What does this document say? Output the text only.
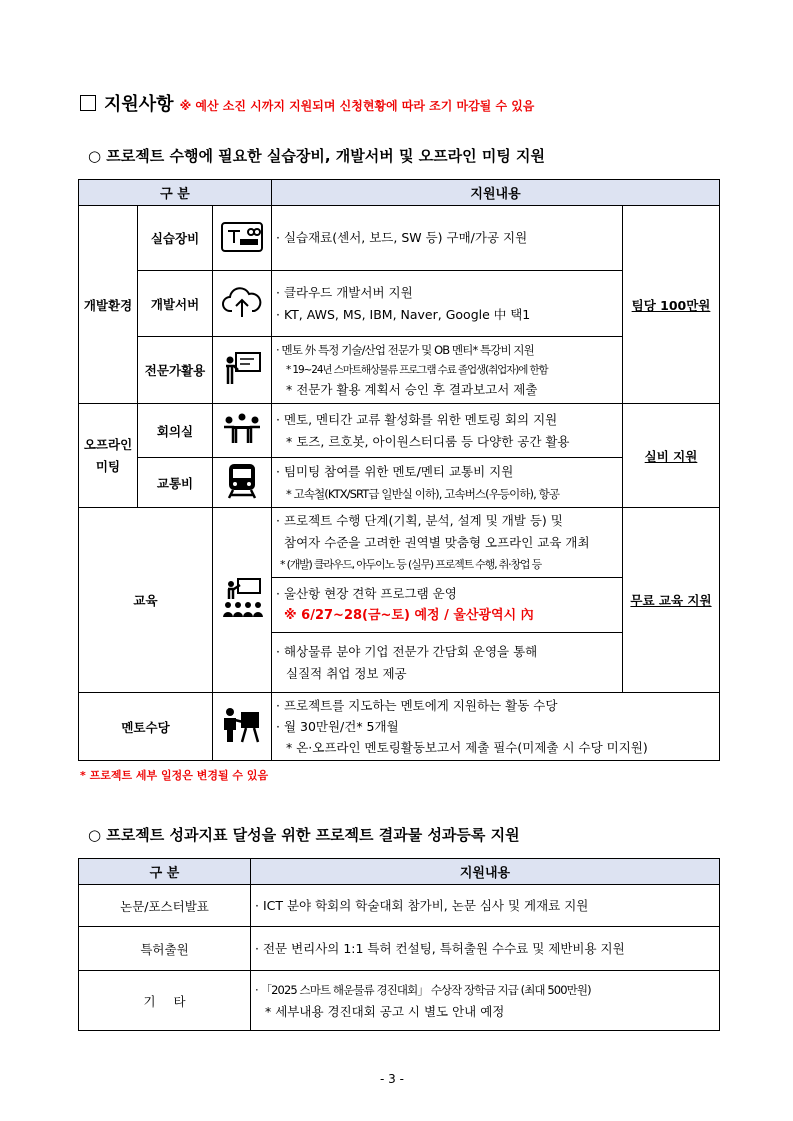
지원사항 ※ 예산 소진 시까지 지원되며 신청현황에 따라 조기 마감될 수 있음
○ 프로젝트 수행에 필요한 실습장비, 개발서버 및 오프라인 미팅 지원
구 분			지원내용	
개발환경	실습장비		· 실습재료(센서, 보드, SW 등) 구매/가공 지원	팀당 100만원
	개발서버		· 클라우드 개발서버 지원
· KT, AWS, MS, IBM, Naver, Google 中 택1	

	전문가활용		· 멘토 外 특정 기술/산업 전문가 및 OB 멘티* 특강비 지원
* 19~24년 스마트해상물류 프로그램 수료 졸업생(취업자)에 한함
* 전문가 활용 계획서 승인 후 결과보고서 제출	

오프라인 미팅	회의실		· 멘토, 멘티간 교류 활성화를 위한 멘토링 회의 지원
* 토즈, 르호봇, 아이원스터디룸 등 다양한 공간 활용	실비 지원
	교통비		· 팀미팅 참여를 위한 멘토/멘티 교통비 지원
* 고속철(KTX/SRT급 일반실 이하), 고속버스(우등이하), 항공	

교육			· 프로젝트 수행 단계(기획, 분석, 설계 및 개발 등) 및
참여자 수준을 고려한 권역별 맞춤형 오프라인 교육 개최
* (개발) 클라우드, 아두이노 등 (실무) 프로젝트 수행, 취·창업 등	무료 교육 지원

			· 울산항 현장 견학 프로그램 운영
※ 6/27~28(금~토) 예정 / 울산광역시 內	

			· 해상물류 분야 기업 전문가 간담회 운영을 통해
실질적 취업 정보 제공	

멘토수당			· 프로젝트를 지도하는 멘토에게 지원하는 활동 수당
· 월 30만원/건* 5개월
* 온·오프라인 멘토링활동보고서 제출 필수(미제출 시 수당 미지원)	
* 프로젝트 세부 일정은 변경될 수 있음
○ 프로젝트 성과지표 달성을 위한 프로젝트 결과물 성과등록 지원
구 분	지원내용
논문/포스터발표	· ICT 분야 학회의 학술대회 참가비, 논문 심사 및 게재료 지원

특허출원	· 전문 변리사의 1:1 특허 컨설팅, 특허출원 수수료 및 제반비용 지원

기 타	· 「2025 스마트 해운물류 경진대회」 수상작 장학금 지급 (최대 500만원)
* 세부내용 경진대회 공고 시 별도 안내 예정
- 3 -
